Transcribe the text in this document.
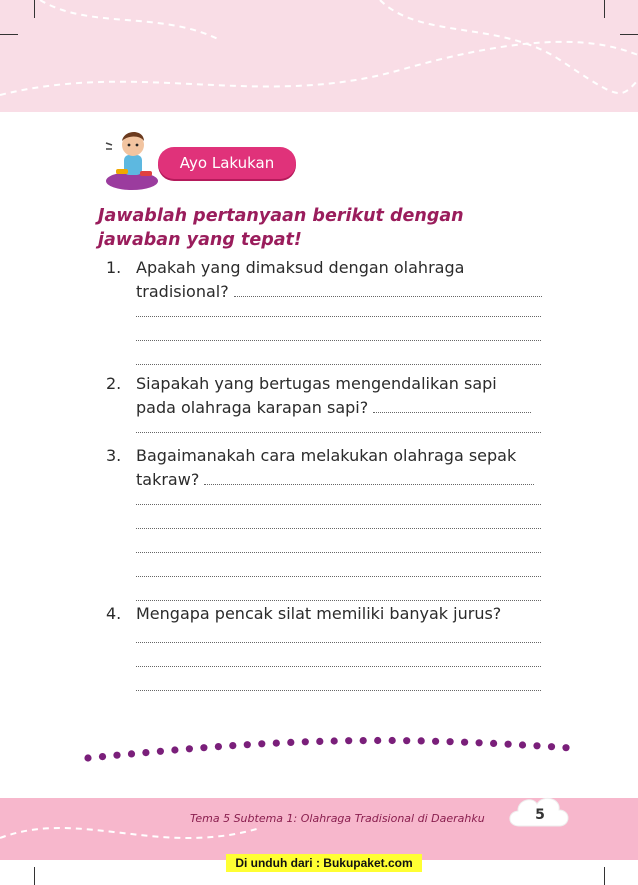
Ayo Lakukan
Jawablah pertanyaan berikut dengan
jawaban yang tepat!
1. Apakah yang dimaksud dengan olahraga
tradisional?
2. Siapakah yang bertugas mengendalikan sapi
pada olahraga karapan sapi?
3. Bagaimanakah cara melakukan olahraga sepak
takraw?
4. Mengapa pencak silat memiliki banyak jurus?
Tema 5 Subtema 1: Olahraga Tradisional di Daerahku	5
Di unduh dari : Bukupaket.com
